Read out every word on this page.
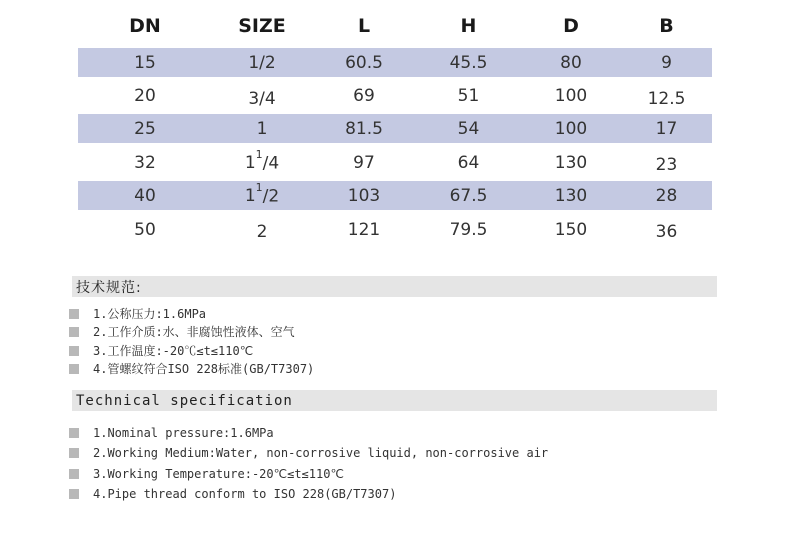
DN	SIZE	L	H	D	B
15	1/2	60.5	45.5	80	9
20	3/4	69	51	100	12.5
25	1	81.5	54	100	17
32	1 $^1$/4	97	64	130	23
40	1 $^1$/2	103	67.5	130	28
50	2	121	79.5	150	36
技术规范:
1.公称压力:1.6MPa
2.工作介质:水、非腐蚀性液体、空气
3.工作温度:-20℃≤t≤110℃
4.管螺纹符合ISO 228标准(GB/T7307)
Technical specification
1.Nominal pressure:1.6MPa
2.Working Medium:Water, non-corrosive liquid, non-corrosive air
3.Working Temperature:-20℃≤t≤110℃
4.Pipe thread conform to ISO 228(GB/T7307)
